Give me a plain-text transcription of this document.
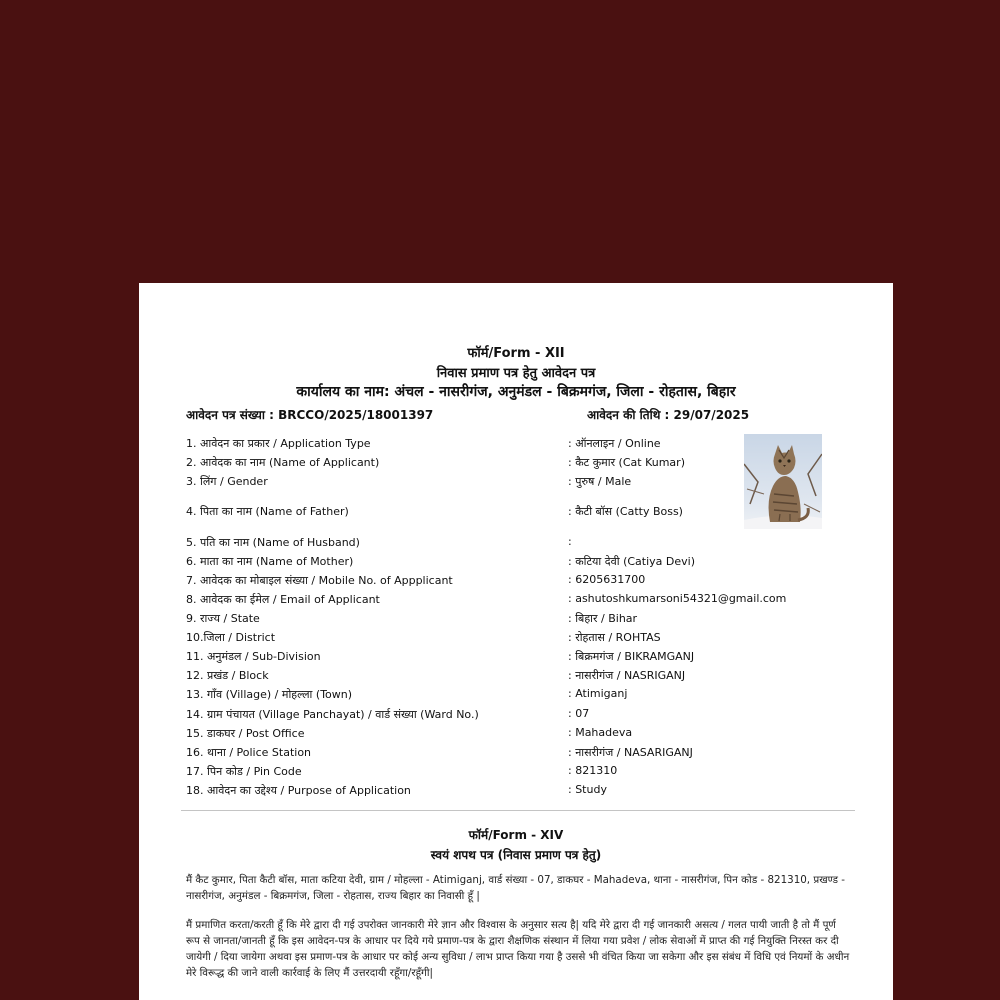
फॉर्म/Form - XII
निवास प्रमाण पत्र हेतु आवेदन पत्र
कार्यालय का नाम: अंचल - नासरीगंज, अनुमंडल - बिक्रमगंज, जिला - रोहतास, बिहार
आवेदन पत्र संख्या : BRCCO/2025/18001397	आवेदन की तिथि : 29/07/2025
1. आवेदन का प्रकार / Application Type	: ऑनलाइन / Online
2. आवेदक का नाम (Name of Applicant)	: कैट कुमार (Cat Kumar)
3. लिंग / Gender	: पुरुष / Male
4. पिता का नाम (Name of Father)	: कैटी बॉस (Catty Boss)
5. पति का नाम (Name of Husband)	:
6. माता का नाम (Name of Mother)	: कटिया देवी (Catiya Devi)
7. आवेदक का मोबाइल संख्या / Mobile No. of Appplicant	: 6205631700
8. आवेदक का ईमेल / Email of Applicant	: ashutoshkumarsoni54321@gmail.com
9. राज्य / State	: बिहार / Bihar
10.जिला / District	: रोहतास / ROHTAS
11. अनुमंडल / Sub-Division	: बिक्रमगंज / BIKRAMGANJ
12. प्रखंड / Block	: नासरीगंज / NASRIGANJ
13. गाँव (Village) / मोहल्ला (Town)	: Atimiganj
14. ग्राम पंचायत (Village Panchayat) / वार्ड संख्या (Ward No.)	: 07
15. डाकघर / Post Office	: Mahadeva
16. थाना / Police Station	: नासरीगंज / NASARIGANJ
17. पिन कोड / Pin Code	: 821310
18. आवेदन का उद्देश्य / Purpose of Application	: Study
फॉर्म/Form - XIV
स्वयं शपथ पत्र (निवास प्रमाण पत्र हेतु)
मैं कैट कुमार, पिता कैटी बॉस, माता कटिया देवी, ग्राम / मोहल्ला - Atimiganj, वार्ड संख्या - 07, डाकघर - Mahadeva, थाना - नासरीगंज, पिन कोड - 821310, प्रखण्ड - नासरीगंज, अनुमंडल - बिक्रमगंज, जिला - रोहतास, राज्य बिहार का निवासी हूँ |
मैं प्रमाणित करता/करती हूँ कि मेरे द्वारा दी गई उपरोक्त जानकारी मेरे ज्ञान और विश्वास के अनुसार सत्य है| यदि मेरे द्वारा दी गई जानकारी असत्य / गलत पायी जाती है तो मैं पूर्ण रूप से जानता/जानती हूँ कि इस आवेदन-पत्र के आधार पर दिये गये प्रमाण-पत्र के द्वारा शैक्षणिक संस्थान में लिया गया प्रवेश / लोक सेवाओं में प्राप्त की गई नियुक्ति निरस्त कर दी जायेगी / दिया जायेगा अथवा इस प्रमाण-पत्र के आधार पर कोई अन्य सुविधा / लाभ प्राप्त किया गया है उससे भी वंचित किया जा सकेगा और इस संबंध में विधि एवं नियमों के अधीन मेरे विरूद्ध की जाने वाली कार्रवाई के लिए मैं उत्तरदायी रहूँगा/रहूँगी|
